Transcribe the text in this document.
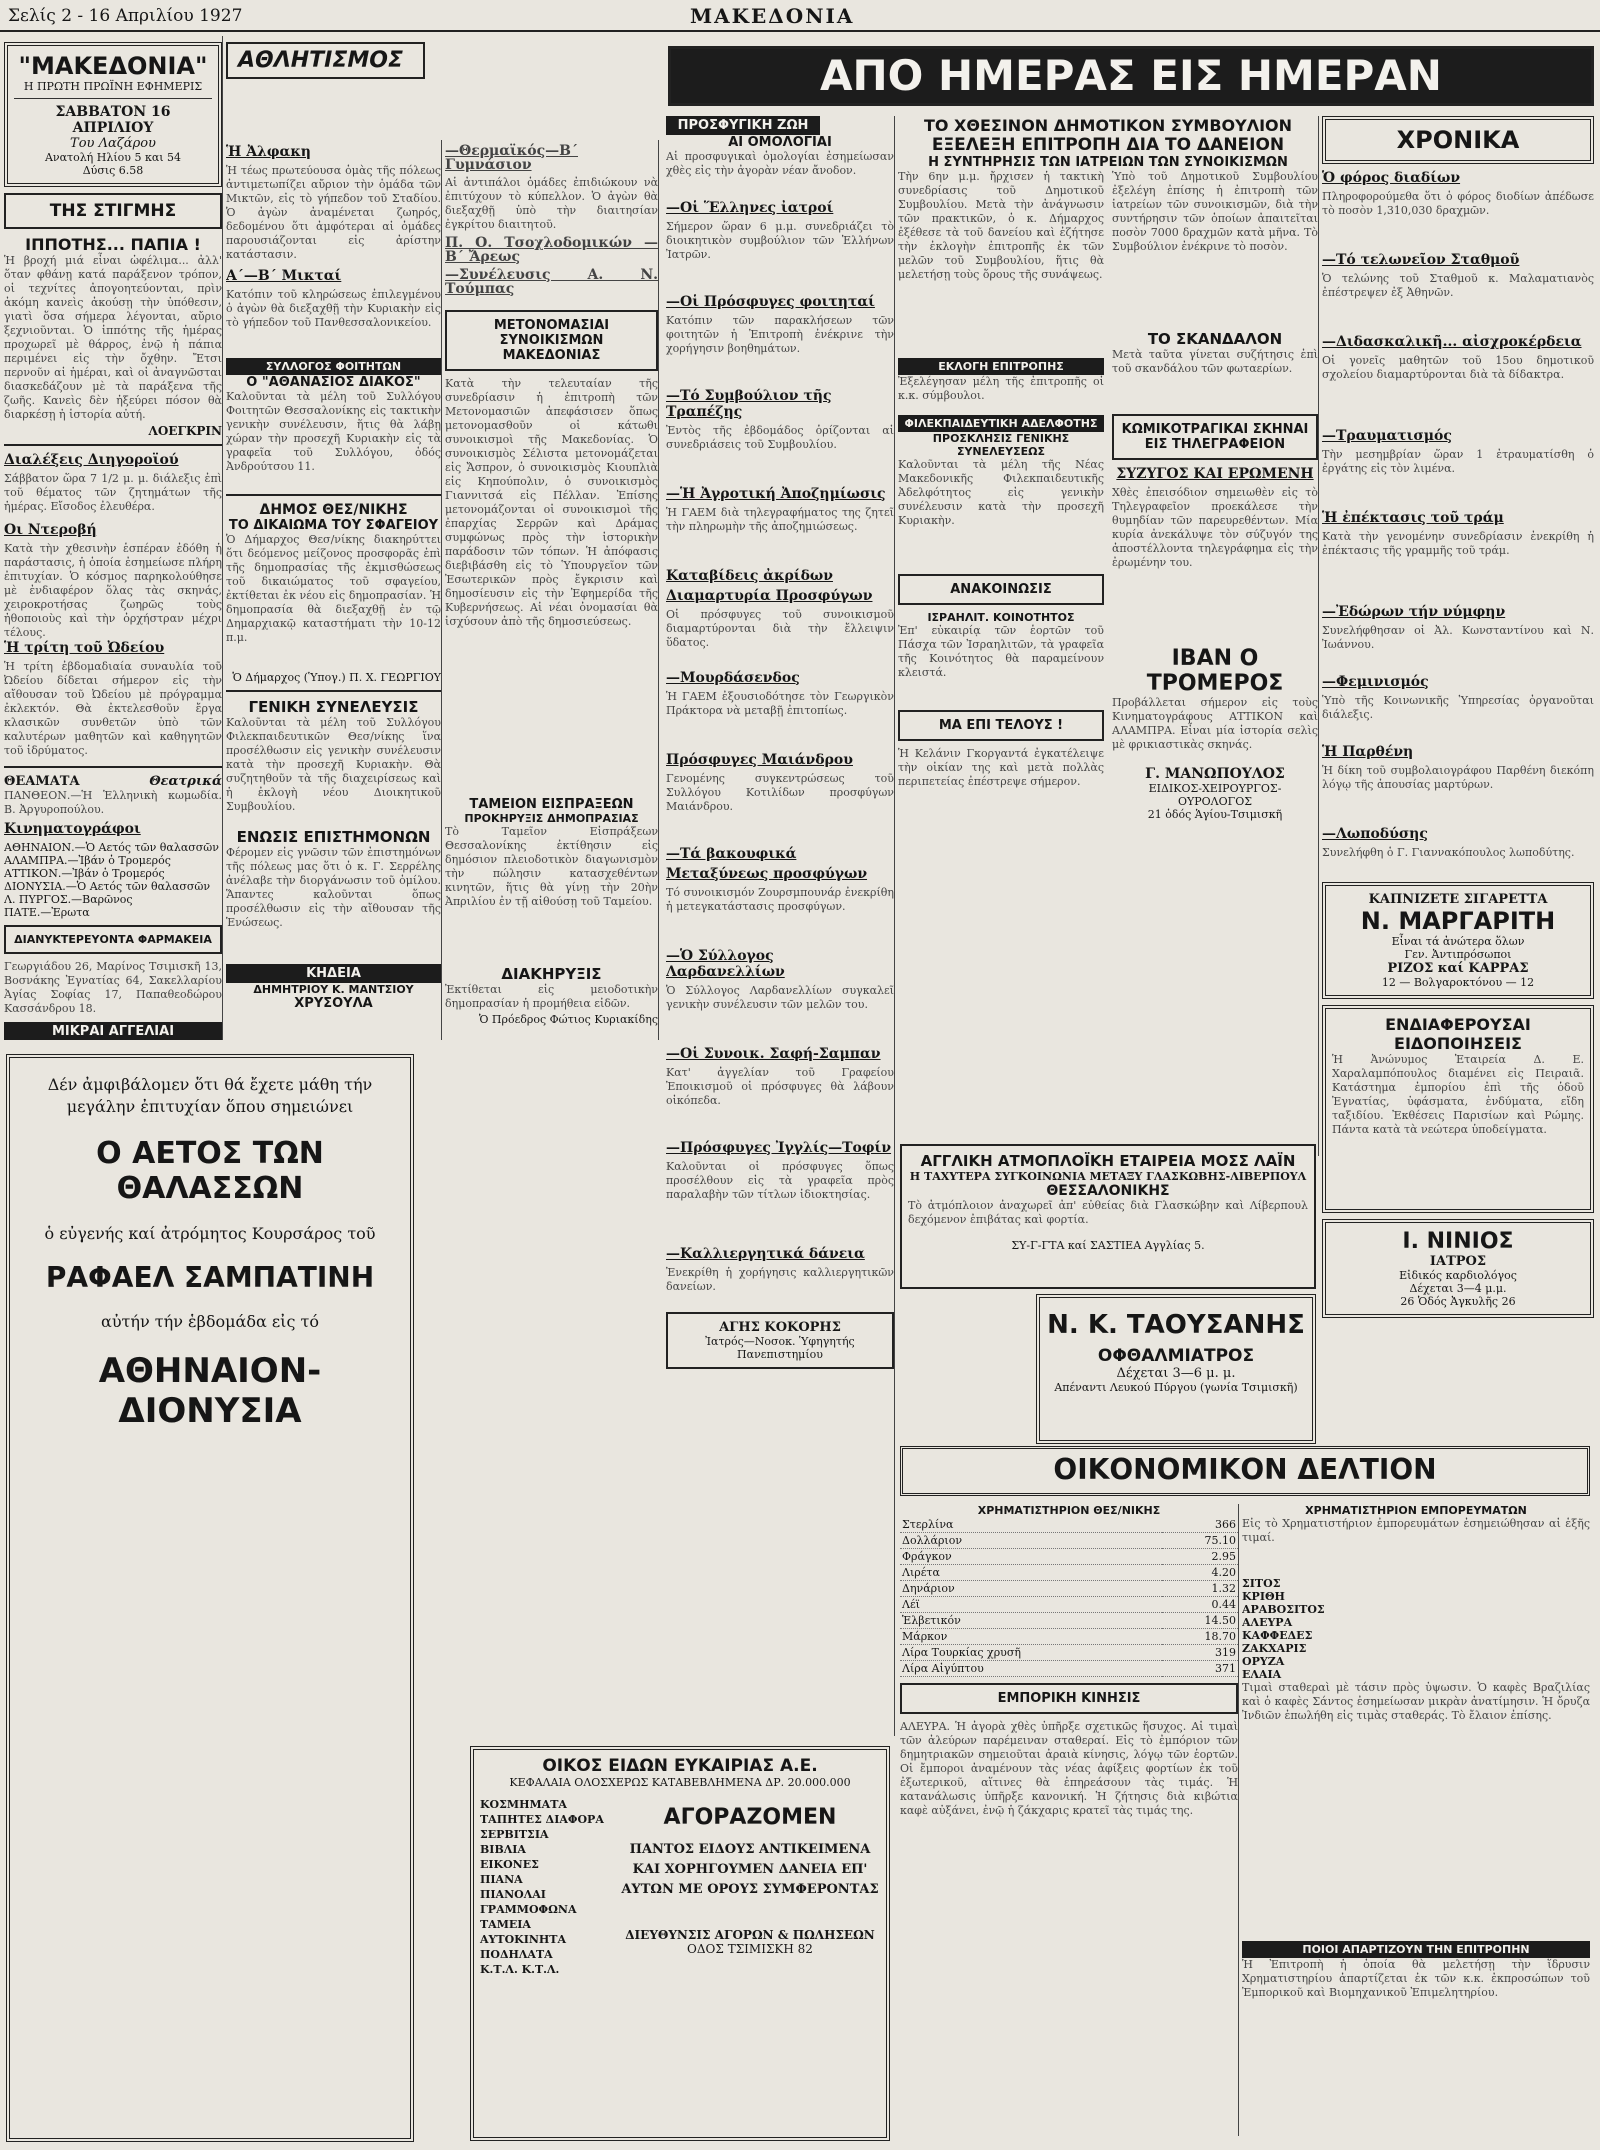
Σελίς 2 - 16 Απριλίου 1927	ΜΑΚΕΔΟΝΙΑ
"ΜΑΚΕΔΟΝΙΑ"
Η ΠΡΩΤΗ ΠΡΩΪΝΗ ΕΦΗΜΕΡΙΣ
ΣΑΒΒΑΤΟΝ 16 ΑΠΡΙΛΙΟΥ
Του Λαζάρου
Ανατολή Ηλίου 5 και 54
Δύσις 6.58
ΤΗΣ ΣΤΙΓΜΗΣ
ΙΠΠΟΤΗΣ... ΠΑΠΙΑ !
Ἡ βροχή μιά εἶναι ὠφέλιμα... ἀλλ' ὅταν φθάνῃ κατά παράξενον τρόπον, οἱ τεχνίτες ἀπογοητεύονται, πρὶν ἀκόμη κανεὶς ἀκούσῃ τὴν ὑπόθεσιν, γιατὶ ὅσα σήμερα λέγονται, αὔριο ξεχνιοῦνται. Ὁ ἰππότης τῆς ἡμέρας προχωρεῖ μὲ θάρρος, ἐνῷ ἡ πάπια περιμένει εἰς τὴν ὄχθην. Ἔτσι περνοῦν αἱ ἡμέραι, καὶ οἱ ἀναγνῶσται διασκεδάζουν μὲ τὰ παράξενα τῆς ζωῆς. Κανεὶς δὲν ἠξεύρει πόσον θὰ διαρκέσῃ ἡ ἱστορία αὐτή.
ΛΟΕΓΚΡΙΝ
Διαλέξεις Διηγοροϊού
Σάββατον ὥρα 7 1/2 μ. μ. διάλεξις ἐπὶ τοῦ θέματος τῶν ζητημάτων τῆς ἡμέρας. Εἴσοδος ἐλευθέρα.
Οι Ντεροβή
Κατὰ τὴν χθεσινὴν ἑσπέραν ἐδόθη ἡ παράστασις, ἡ ὁποία ἐσημείωσε πλήρη ἐπιτυχίαν. Ὁ κόσμος παρηκολούθησε μὲ ἐνδιαφέρον ὅλας τὰς σκηνάς, χειροκροτήσας ζωηρῶς τοὺς ἠθοποιοὺς καὶ τὴν ὀρχήστραν μέχρι τέλους.
Ἡ τρίτη τοῦ Ὠδείου
Ἡ τρίτη ἐβδομαδιαία συναυλία τοῦ Ὠδείου δίδεται σήμερον εἰς τὴν αἴθουσαν τοῦ Ὠδείου μὲ πρόγραμμα ἐκλεκτόν. Θὰ ἐκτελεσθοῦν ἔργα κλασικῶν συνθετῶν ὑπὸ τῶν καλυτέρων μαθητῶν καὶ καθηγητῶν τοῦ ἱδρύματος.
ΘΕΑΜΑΤΑ	Θεατρικά
ΠΑΝΘΕΟΝ.—Ἡ Ἑλληνικὴ κωμωδία. Β. Ἀργυροπούλου.
Κινηματογράφοι
ΑΘΗΝΑΙΟΝ.—Ὁ Αετός τῶν θαλασσῶν
ΑΛΑΜΠΡΑ.—Ἰβάν ὁ Τρομερός
ΑΤΤΙΚΟΝ.—Ἰβάν ὁ Τρομερός
ΔΙΟΝΥΣΙΑ.—Ὁ Αετός τῶν θαλασσῶν
Λ. ΠΥΡΓΟΣ.—Βαρῶνος
ΠΑΤΕ.—Ἐρωτα
ΔΙΑΝΥΚΤΕΡΕΥΟΝΤΑ ΦΑΡΜΑΚΕΙΑ
Γεωργιάδου 26, Μαρίνος Τσιμισκῆ 13, Βοσνάκης Ἐγνατίας 64, Σακελλαρίου Ἀγίας Σοφίας 17, Παπαθεοδώρου Κασσάνδρου 18.
ΜΙΚΡΑΙ ΑΓΓΕΛΙΑΙ
ΑΘΛΗΤΙΣΜΟΣ
Ἡ Ἀλφακη
Ἡ τέως πρωτεύουσα ὁμὰς τῆς πόλεως ἀντιμετωπίζει αὔριον τὴν ὁμάδα τῶν Μικτῶν, εἰς τὸ γήπεδον τοῦ Σταδίου. Ὁ ἀγὼν ἀναμένεται ζωηρός, δεδομένου ὅτι ἀμφότεραι αἱ ὁμάδες παρουσιάζονται εἰς ἀρίστην κατάστασιν.
Α΄—Β΄ Μικταί
Κατόπιν τοῦ κληρώσεως ἐπιλεγμένου ὁ ἀγὼν θὰ διεξαχθῇ τὴν Κυριακὴν εἰς τὸ γήπεδον τοῦ Πανθεσσαλονικείου.
ΣΥΛΛΟΓΟΣ ΦΟΙΤΗΤΩΝ
Ο "ΑΘΑΝΑΣΙΟΣ ΔΙΑΚΟΣ"
Καλοῦνται τὰ μέλη τοῦ Συλλόγου Φοιτητῶν Θεσσαλονίκης εἰς τακτικὴν γενικὴν συνέλευσιν, ἥτις θὰ λάβῃ χώραν τὴν προσεχῆ Κυριακὴν εἰς τὰ γραφεῖα τοῦ Συλλόγου, ὁδός Ἀνδρούτσου 11.
ΔΗΜΟΣ ΘΕΣ/ΝΙΚΗΣ
ΤΟ ΔΙΚΑΙΩΜΑ ΤΟΥ ΣΦΑΓΕΙΟΥ
Ὁ Δήμαρχος Θεσ/νίκης διακηρύττει ὅτι δεόμενος μείζονος προσφορᾶς ἐπὶ τῆς δημοπρασίας τῆς ἐκμισθώσεως τοῦ δικαιώματος τοῦ σφαγείου, ἐκτίθεται ἐκ νέου εἰς δημοπρασίαν. Ἡ δημοπρασία θὰ διεξαχθῇ ἐν τῷ Δημαρχιακῷ καταστήματι τὴν 10-12 π.μ.
Ὁ Δήμαρχος (Ὑπογ.) Π. Χ. ΓΕΩΡΓΙΟΥ
ΓΕΝΙΚΗ ΣΥΝΕΛΕΥΣΙΣ
Καλοῦνται τὰ μέλη τοῦ Συλλόγου Φιλεκπαιδευτικῶν Θεσ/νίκης ἵνα προσέλθωσιν εἰς γενικὴν συνέλευσιν κατὰ τὴν προσεχῆ Κυριακὴν. Θὰ συζητηθοῦν τὰ τῆς διαχειρίσεως καὶ ἡ ἐκλογὴ νέου Διοικητικοῦ Συμβουλίου.
ΕΝΩΣΙΣ ΕΠΙΣΤΗΜΟΝΩΝ
Φέρομεν εἰς γνῶσιν τῶν ἐπιστημόνων τῆς πόλεως μας ὅτι ὁ κ. Γ. Σερρέλης ἀνέλαβε τὴν διοργάνωσιν τοῦ ὁμίλου. Ἅπαντες καλοῦνται ὅπως προσέλθωσιν εἰς τὴν αἴθουσαν τῆς Ἑνώσεως.
ΚΗΔΕΙΑ
ΔΗΜΗΤΡΙΟΥ Κ. ΜΑΝΤΣΙΟΥ
ΧΡΥΣΟΥΛΑ
—Θερμαϊκός—Β΄ Γυμνάσιον
Αἱ ἀντιπάλοι ὁμάδες ἐπιδιώκουν νὰ ἐπιτύχουν τὸ κύπελλον. Ὁ ἀγὼν θὰ διεξαχθῇ ὑπὸ τὴν διαιτησίαν ἐγκρίτου διαιτητοῦ.
Π. Ο. Τσοχλοδομικών — Β΄ Ἄρεως
—Συνέλευσις Α. Ν. Τούμπας
ΜΕΤΟΝΟΜΑΣΙΑΙ ΣΥΝΟΙΚΙΣΜΩΝ ΜΑΚΕΔΟΝΙΑΣ
Κατὰ τὴν τελευταίαν τῆς συνεδρίασιν ἡ ἐπιτροπὴ τῶν Μετονομασιῶν ἀπεφάσισεν ὅπως μετονομασθοῦν οἱ κάτωθι συνοικισμοὶ τῆς Μακεδονίας. Ὁ συνοικισμὸς Σέλιστα μετονομάζεται εἰς Ἄσπρον, ὁ συνοικισμὸς Κιουπλιὰ εἰς Κηπούπολιν, ὁ συνοικισμὸς Γιαννιτσά εἰς Πέλλαν. Ἐπίσης μετονομάζονται οἱ συνοικισμοὶ τῆς ἐπαρχίας Σερρῶν καὶ Δράμας συμφώνως πρὸς τὴν ἱστορικὴν παράδοσιν τῶν τόπων. Ἡ ἀπόφασις διεβιβάσθη εἰς τὸ Ὑπουργεῖον τῶν Ἐσωτερικῶν πρὸς ἔγκρισιν καὶ δημοσίευσιν εἰς τὴν Ἐφημερίδα τῆς Κυβερνήσεως. Αἱ νέαι ὀνομασίαι θὰ ἰσχύσουν ἀπὸ τῆς δημοσιεύσεως.
ΤΑΜΕΙΟΝ ΕΙΣΠΡΑΞΕΩΝ
ΠΡΟΚΗΡΥΞΙΣ ΔΗΜΟΠΡΑΣΙΑΣ
Τὸ Ταμεῖον Εἰσπράξεων Θεσσαλονίκης ἐκτίθησιν εἰς δημόσιον πλειοδοτικὸν διαγωνισμὸν τὴν πώλησιν κατασχεθέντων κινητῶν, ἥτις θὰ γίνῃ τὴν 20ὴν Ἀπριλίου ἐν τῇ αἰθούσῃ τοῦ Ταμείου.
ΔΙΑΚΗΡΥΞΙΣ
Ἐκτίθεται εἰς μειοδοτικὴν δημοπρασίαν ἡ προμήθεια εἰδῶν.
Ὁ Πρόεδρος Φώτιος Κυριακίδης
Δέν ἀμφιβάλομεν ὅτι θά ἔχετε μάθη τήν μεγάλην ἐπιτυχίαν ὅπου σημειώνει
Ο ΑΕΤΟΣ ΤΩΝ ΘΑΛΑΣΣΩΝ
ὁ εὐγενής καί ἀτρόμητος Κουρσάρος τοῦ
ΡΑΦΑΕΛ ΣΑΜΠΑΤΙΝΗ
αὐτήν τήν ἑβδομάδα εἰς τό
ΑΘΗΝΑΙΟΝ-ΔΙΟΝΥΣΙΑ
ΟΙΚΟΣ ΕΙΔΩΝ ΕΥΚΑΙΡΙΑΣ Α.Ε.
ΚΕΦΑΛΑΙΑ ΟΛΟΣΧΕΡΩΣ ΚΑΤΑΒΕΒΛΗΜΕΝΑ ΔΡ. 20.000.000
ΚΟΣΜΗΜΑΤΑ
ΤΑΠΗΤΕΣ ΔΙΑΦΟΡΑ
ΣΕΡΒΙΤΣΙΑ
ΒΙΒΛΙΑ
ΕΙΚΟΝΕΣ
ΠΙΑΝΑ
ΠΙΑΝΟΛΑΙ
ΓΡΑΜΜΟΦΩΝΑ
ΤΑΜΕΙΑ
ΑΥΤΟΚΙΝΗΤΑ
ΠΟΔΗΛΑΤΑ
Κ.Τ.Λ. Κ.Τ.Λ.
ΑΓΟΡΑΖΟΜΕΝ
ΠΑΝΤΟΣ ΕΙΔΟΥΣ ΑΝΤΙΚΕΙΜΕΝΑ ΚΑΙ ΧΟΡΗΓΟΥΜΕΝ ΔΑΝΕΙΑ ΕΠ' ΑΥΤΩΝ ΜΕ ΟΡΟΥΣ ΣΥΜΦΕΡΟΝΤΑΣ
ΔΙΕΥΘΥΝΣΙΣ ΑΓΟΡΩΝ & ΠΩΛΗΣΕΩΝ
ΟΔΟΣ ΤΣΙΜΙΣΚΗ 82
ΑΠΟ ΗΜΕΡΑΣ ΕΙΣ ΗΜΕΡΑΝ
ΠΡΟΣΦΥΓΙΚΗ ΖΩΗ
ΑΙ ΟΜΟΛΟΓΙΑΙ
Αἱ προσφυγικαὶ ὁμολογίαι ἐσημείωσαν χθὲς εἰς τὴν ἀγορὰν νέαν ἄνοδον.
—Οἱ Ἕλληνες ἰατροί
Σήμερον ὥραν 6 μ.μ. συνεδριάζει τὸ διοικητικὸν συμβούλιον τῶν Ἑλλήνων Ἰατρῶν.
—Οἱ Πρόσφυγες φοιτηταί
Κατόπιν τῶν παρακλήσεων τῶν φοιτητῶν ἡ Ἐπιτροπὴ ἐνέκρινε τὴν χορήγησιν βοηθημάτων.
—Τό Συμβούλιον τῆς Τραπέζης
Ἐντὸς τῆς ἐβδομάδος ὁρίζονται αἱ συνεδριάσεις τοῦ Συμβουλίου.
—Ἡ Ἀγροτική Ἀποζημίωσις
Ἡ ΓΑΕΜ διὰ τηλεγραφήματος της ζητεῖ τὴν πληρωμὴν τῆς ἀποζημιώσεως.
Καταβίδεις ἀκρίδων
Διαμαρτυρία Προσφύγων
Οἱ πρόσφυγες τοῦ συνοικισμοῦ διαμαρτύρονται διὰ τὴν ἔλλειψιν ὕδατος.
—Μουρδάσενδος
Ἡ ΓΑΕΜ ἐξουσιοδότησε τὸν Γεωργικὸν Πράκτορα νὰ μεταβῇ ἐπιτοπίως.
Πρόσφυγες Μαιάνδρου
Γενομένης συγκεντρώσεως τοῦ Συλλόγου Κοτιλίδων προσφύγων Μαιάνδρου.
—Τά βακουφικά
Μεταξύνεως προσφύγων
Τό συνοικισμόν Ζουρσμπουνάρ ἐνεκρίθη ἡ μετεγκατάστασις προσφύγων.
—Ὁ Σύλλογος Λαρδανελλίων
Ὁ Σύλλογος Λαρδανελλίων συγκαλεῖ γενικὴν συνέλευσιν τῶν μελῶν του.
—Οἱ Συνοικ. Σαφή-Σαμπαν
Κατ' ἀγγελίαν τοῦ Γραφείου Ἐποικισμοῦ οἱ πρόσφυγες θὰ λάβουν οἰκόπεδα.
—Πρόσφυγες Ἰγγλίς—Τοφίν
Καλοῦνται οἱ πρόσφυγες ὅπως προσέλθουν εἰς τὰ γραφεῖα πρὸς παραλαβὴν τῶν τίτλων ἰδιοκτησίας.
—Καλλιεργητικά δάνεια
Ἐνεκρίθη ἡ χορήγησις καλλιεργητικῶν δανείων.
ΑΓΗΣ ΚΟΚΟΡΗΣ
Ἰατρός—Νοσοκ. Ὑφηγητής Πανεπιστημίου
ΤΟ ΧΘΕΣΙΝΟΝ ΔΗΜΟΤΙΚΟΝ ΣΥΜΒΟΥΛΙΟΝ
ΕΞΕΛΕΞΗ ΕΠΙΤΡΟΠΗ ΔΙΑ ΤΟ ΔΑΝΕΙΟΝ
Η ΣΥΝΤΗΡΗΣΙΣ ΤΩΝ ΙΑΤΡΕΙΩΝ ΤΩΝ ΣΥΝΟΙΚΙΣΜΩΝ
Τὴν 6ην μ.μ. ἤρχισεν ἡ τακτικὴ συνεδρίασις τοῦ Δημοτικοῦ Συμβουλίου. Μετὰ τὴν ἀνάγνωσιν τῶν πρακτικῶν, ὁ κ. Δήμαρχος ἐξέθεσε τὰ τοῦ δανείου καὶ ἐζήτησε τὴν ἐκλογὴν ἐπιτροπῆς ἐκ τῶν μελῶν τοῦ Συμβουλίου, ἥτις θὰ μελετήσῃ τοὺς ὅρους τῆς συνάψεως.
ΕΚΛΟΓΗ ΕΠΙΤΡΟΠΗΣ
Ἐξελέγησαν μέλη τῆς ἐπιτροπῆς οἱ κ.κ. σύμβουλοι.
ΦΙΛΕΚΠΑΙΔΕΥΤΙΚΗ ΑΔΕΛΦΟΤΗΣ
ΠΡΟΣΚΛΗΣΙΣ ΓΕΝΙΚΗΣ ΣΥΝΕΛΕΥΣΕΩΣ
Καλοῦνται τὰ μέλη τῆς Νέας Μακεδονικῆς Φιλεκπαιδευτικῆς Ἀδελφότητος εἰς γενικὴν συνέλευσιν κατὰ τὴν προσεχῆ Κυριακὴν.
ΑΝΑΚΟΙΝΩΣΙΣ
ΙΣΡΑΗΛΙΤ. ΚΟΙΝΟΤΗΤΟΣ
Ἐπ' εὐκαιρίᾳ τῶν ἑορτῶν τοῦ Πάσχα τῶν Ἰσραηλιτῶν, τὰ γραφεῖα τῆς Κοινότητος θὰ παραμείνουν κλειστά.
ΜΑ ΕΠΙ ΤΕΛΟΥΣ !
Ἡ Κελάνιν Γκοργαντά ἐγκατέλειψε τὴν οἰκίαν της καὶ μετὰ πολλὰς περιπετείας ἐπέστρεψε σήμερον.
Ὑπὸ τοῦ Δημοτικοῦ Συμβουλίου ἐξελέγη ἐπίσης ἡ ἐπιτροπὴ τῶν ἰατρείων τῶν συνοικισμῶν, διὰ τὴν συντήρησιν τῶν ὁποίων ἀπαιτεῖται ποσὸν 7000 δραχμῶν κατὰ μῆνα. Τὸ Συμβούλιον ἐνέκρινε τὸ ποσὸν.
ΤΟ ΣΚΑΝΔΑΛΟΝ
Μετὰ ταῦτα γίνεται συζήτησις ἐπὶ τοῦ σκανδάλου τῶν φωταερίων.
ΚΩΜΙΚΟΤΡΑΓΙΚΑΙ ΣΚΗΝΑΙ ΕΙΣ ΤΗΛΕΓΡΑΦΕΙΟΝ
ΣΥΖΥΓΟΣ ΚΑΙ ΕΡΩΜΕΝΗ
Χθὲς ἐπεισόδιον σημειωθὲν εἰς τὸ Τηλεγραφεῖον προεκάλεσε τὴν θυμηδίαν τῶν παρευρεθέντων. Μία κυρία ἀνεκάλυψε τὸν σύζυγόν της ἀποστέλλοντα τηλεγράφημα εἰς τὴν ἐρωμένην του.
ΙΒΑΝ Ο ΤΡΟΜΕΡΟΣ
Προβάλλεται σήμερον εἰς τοὺς Κινηματογράφους ΑΤΤΙΚΟΝ καὶ ΑΛΑΜΠΡΑ. Εἶναι μία ἱστορία σελὶς μὲ φρικιαστικὰς σκηνάς.
Γ. ΜΑΝΩΠΟΥΛΟΣ
ΕΙΔΙΚΟΣ-ΧΕΙΡΟΥΡΓΟΣ-ΟΥΡΟΛΟΓΟΣ
21 ὁδός Ἁγίου-Τσιμισκῆ
ΑΓΓΛΙΚΗ ΑΤΜΟΠΛΟΪΚΗ ΕΤΑΙΡΕΙΑ ΜΟΣΣ ΛΑΪΝ
Η ΤΑΧΥΤΕΡΑ ΣΥΓΚΟΙΝΩΝΙΑ ΜΕΤΑΞΥ ΓΛΑΣΚΩΒΗΣ-ΛΙΒΕΡΠΟΥΛ
ΘΕΣΣΑΛΟΝΙΚΗΣ
Τὸ ἀτμόπλοιον ἀναχωρεῖ ἀπ' εὐθείας διὰ Γλασκώβην καὶ Λίβερπουλ δεχόμενον ἐπιβάτας καὶ φορτία.
ΣΥ-Γ-ΓΤΑ καί ΣΑΣΤΙΕΑ Αγγλίας 5.
Ν. Κ. ΤΑΟΥΣΑΝΗΣ
ΟΦΘΑΛΜΙΑΤΡΟΣ
Δέχεται 3—6 μ. μ.
Απέναντι Λευκού Πύργου (γωνία Τσιμισκῆ)
ΟΙΚΟΝΟΜΙΚΟΝ ΔΕΛΤΙΟΝ
ΧΡΗΜΑΤΙΣΤΗΡΙΟΝ ΘΕΣ/ΝΙΚΗΣ
Στερλίνα	366
Δολλάριον	75.10
Φράγκον	2.95
Λιρέτα	4.20
Δηνάριον	1.32
Λέϊ	0.44
Ἑλβετικόν	14.50
Μάρκον	18.70
Λίρα Τουρκίας χρυσῆ	319
Λίρα Αἰγύπτου	371
ΕΜΠΟΡΙΚΗ ΚΙΝΗΣΙΣ
ΑΛΕΥΡΑ. Ἡ ἀγορὰ χθὲς ὑπῆρξε σχετικῶς ἥσυχος. Αἱ τιμαὶ τῶν ἀλεύρων παρέμειναν σταθεραί. Εἰς τὸ ἐμπόριον τῶν δημητριακῶν σημειοῦται ἀραιὰ κίνησις, λόγῳ τῶν ἑορτῶν. Οἱ ἔμποροι ἀναμένουν τὰς νέας ἀφίξεις φορτίων ἐκ τοῦ ἐξωτερικοῦ, αἵτινες θὰ ἐπηρεάσουν τὰς τιμάς. Ἡ κατανάλωσις ὑπῆρξε κανονική. Ἡ ζήτησις διὰ κιβώτια καφὲ αὐξάνει, ἐνῷ ἡ ζάκχαρις κρατεῖ τὰς τιμάς της.
ΧΡΗΜΑΤΙΣΤΗΡΙΟΝ ΕΜΠΟΡΕΥΜΑΤΩΝ
Εἰς τὸ Χρηματιστήριον ἐμπορευμάτων ἐσημειώθησαν αἱ ἑξῆς τιμαί.
ΣΙΤΟΣ
ΚΡΙΘΗ
ΑΡΑΒΟΣΙΤΟΣ
ΑΛΕΥΡΑ
ΚΑΦΦΕΔΕΣ
ΖΑΚΧΑΡΙΣ
ΟΡΥΖΑ
ΕΛΑΙΑ
Τιμαὶ σταθεραὶ μὲ τάσιν πρὸς ὑψωσιν. Ὁ καφὲς Βραζιλίας καὶ ὁ καφὲς Σάντος ἐσημείωσαν μικρὰν ἀνατίμησιν. Ἡ ὄρυζα Ἰνδιῶν ἐπωλήθη εἰς τιμὰς σταθεράς. Τὸ ἔλαιον ἐπίσης.
ΠΟΙΟΙ ΑΠΑΡΤΙΖΟΥΝ ΤΗΝ ΕΠΙΤΡΟΠΗΝ
Ἡ Ἐπιτροπὴ ἡ ὁποία θὰ μελετήσῃ τὴν ἵδρυσιν Χρηματιστηρίου ἀπαρτίζεται ἐκ τῶν κ.κ. ἐκπροσώπων τοῦ Ἐμπορικοῦ καὶ Βιομηχανικοῦ Ἐπιμελητηρίου.
ΧΡΟΝΙΚΑ
Ὁ φόρος διαδίων
Πληροφορούμεθα ὅτι ὁ φόρος διοδίων ἀπέδωσε τὸ ποσὸν 1,310,030 δραχμῶν.
—Τό τελωνεῖον Σταθμοῦ
Ὁ τελώνης τοῦ Σταθμοῦ κ. Μαλαματιανὸς ἐπέστρεψεν ἐξ Ἀθηνῶν.
—Διδασκαλικῆ... αἰσχροκέρδεια
Οἱ γονεῖς μαθητῶν τοῦ 15ου δημοτικοῦ σχολείου διαμαρτύρονται διὰ τὰ δίδακτρα.
—Τραυματισμός
Τὴν μεσημβρίαν ὥραν 1 ἐτραυματίσθη ὁ ἐργάτης εἰς τὸν λιμένα.
Ἡ ἐπέκτασις τοῦ τράμ
Κατὰ τὴν γενομένην συνεδρίασιν ἐνεκρίθη ἡ ἐπέκτασις τῆς γραμμῆς τοῦ τράμ.
—Ἐδώρων τήν νύμφην
Συνελήφθησαν οἱ Ἀλ. Κωνσταντίνου καὶ Ν. Ἰωάννου.
—Φεμινισμός
Ὑπὸ τῆς Κοινωνικῆς Ὑπηρεσίας ὀργανοῦται διάλεξις.
Ἡ Παρθένη
Ἡ δίκη τοῦ συμβολαιογράφου Παρθένη διεκόπη λόγῳ τῆς ἀπουσίας μαρτύρων.
—Λωποδύσης
Συνελήφθη ὁ Γ. Γιαννακόπουλος λωποδύτης.
ΚΑΠΝΙΖΕΤΕ ΣΙΓΑΡΕΤΤΑ
Ν. ΜΑΡΓΑΡΙΤΗ
Εἶναι τά ἀνώτερα ὅλων
Γεν. Ἀντιπρόσωποι
ΡΙΖΟΣ καί ΚΑΡΡΑΣ
12 — Βολγαροκτόνου — 12
ΕΝΔΙΑΦΕΡΟΥΣΑΙ
ΕΙΔΟΠΟΙΗΣΕΙΣ
Ἡ Ἀνώνυμος Ἑταιρεία Δ. Ε. Χαραλαμπόπουλος διαμένει εἰς Πειραιᾶ. Κατάστημα ἐμπορίου ἐπὶ τῆς ὁδοῦ Ἐγνατίας, ὑφάσματα, ἐνδύματα, εἴδη ταξιδίου. Ἐκθέσεις Παρισίων καὶ Ρώμης. Πάντα κατὰ τὰ νεώτερα ὑποδείγματα.
Ι. ΝΙΝΙΟΣ
ΙΑΤΡΟΣ
Εἰδικός καρδιολόγος
Δέχεται 3—4 μ.μ.
26 Ὁδός Ἀγκυλῆς 26
